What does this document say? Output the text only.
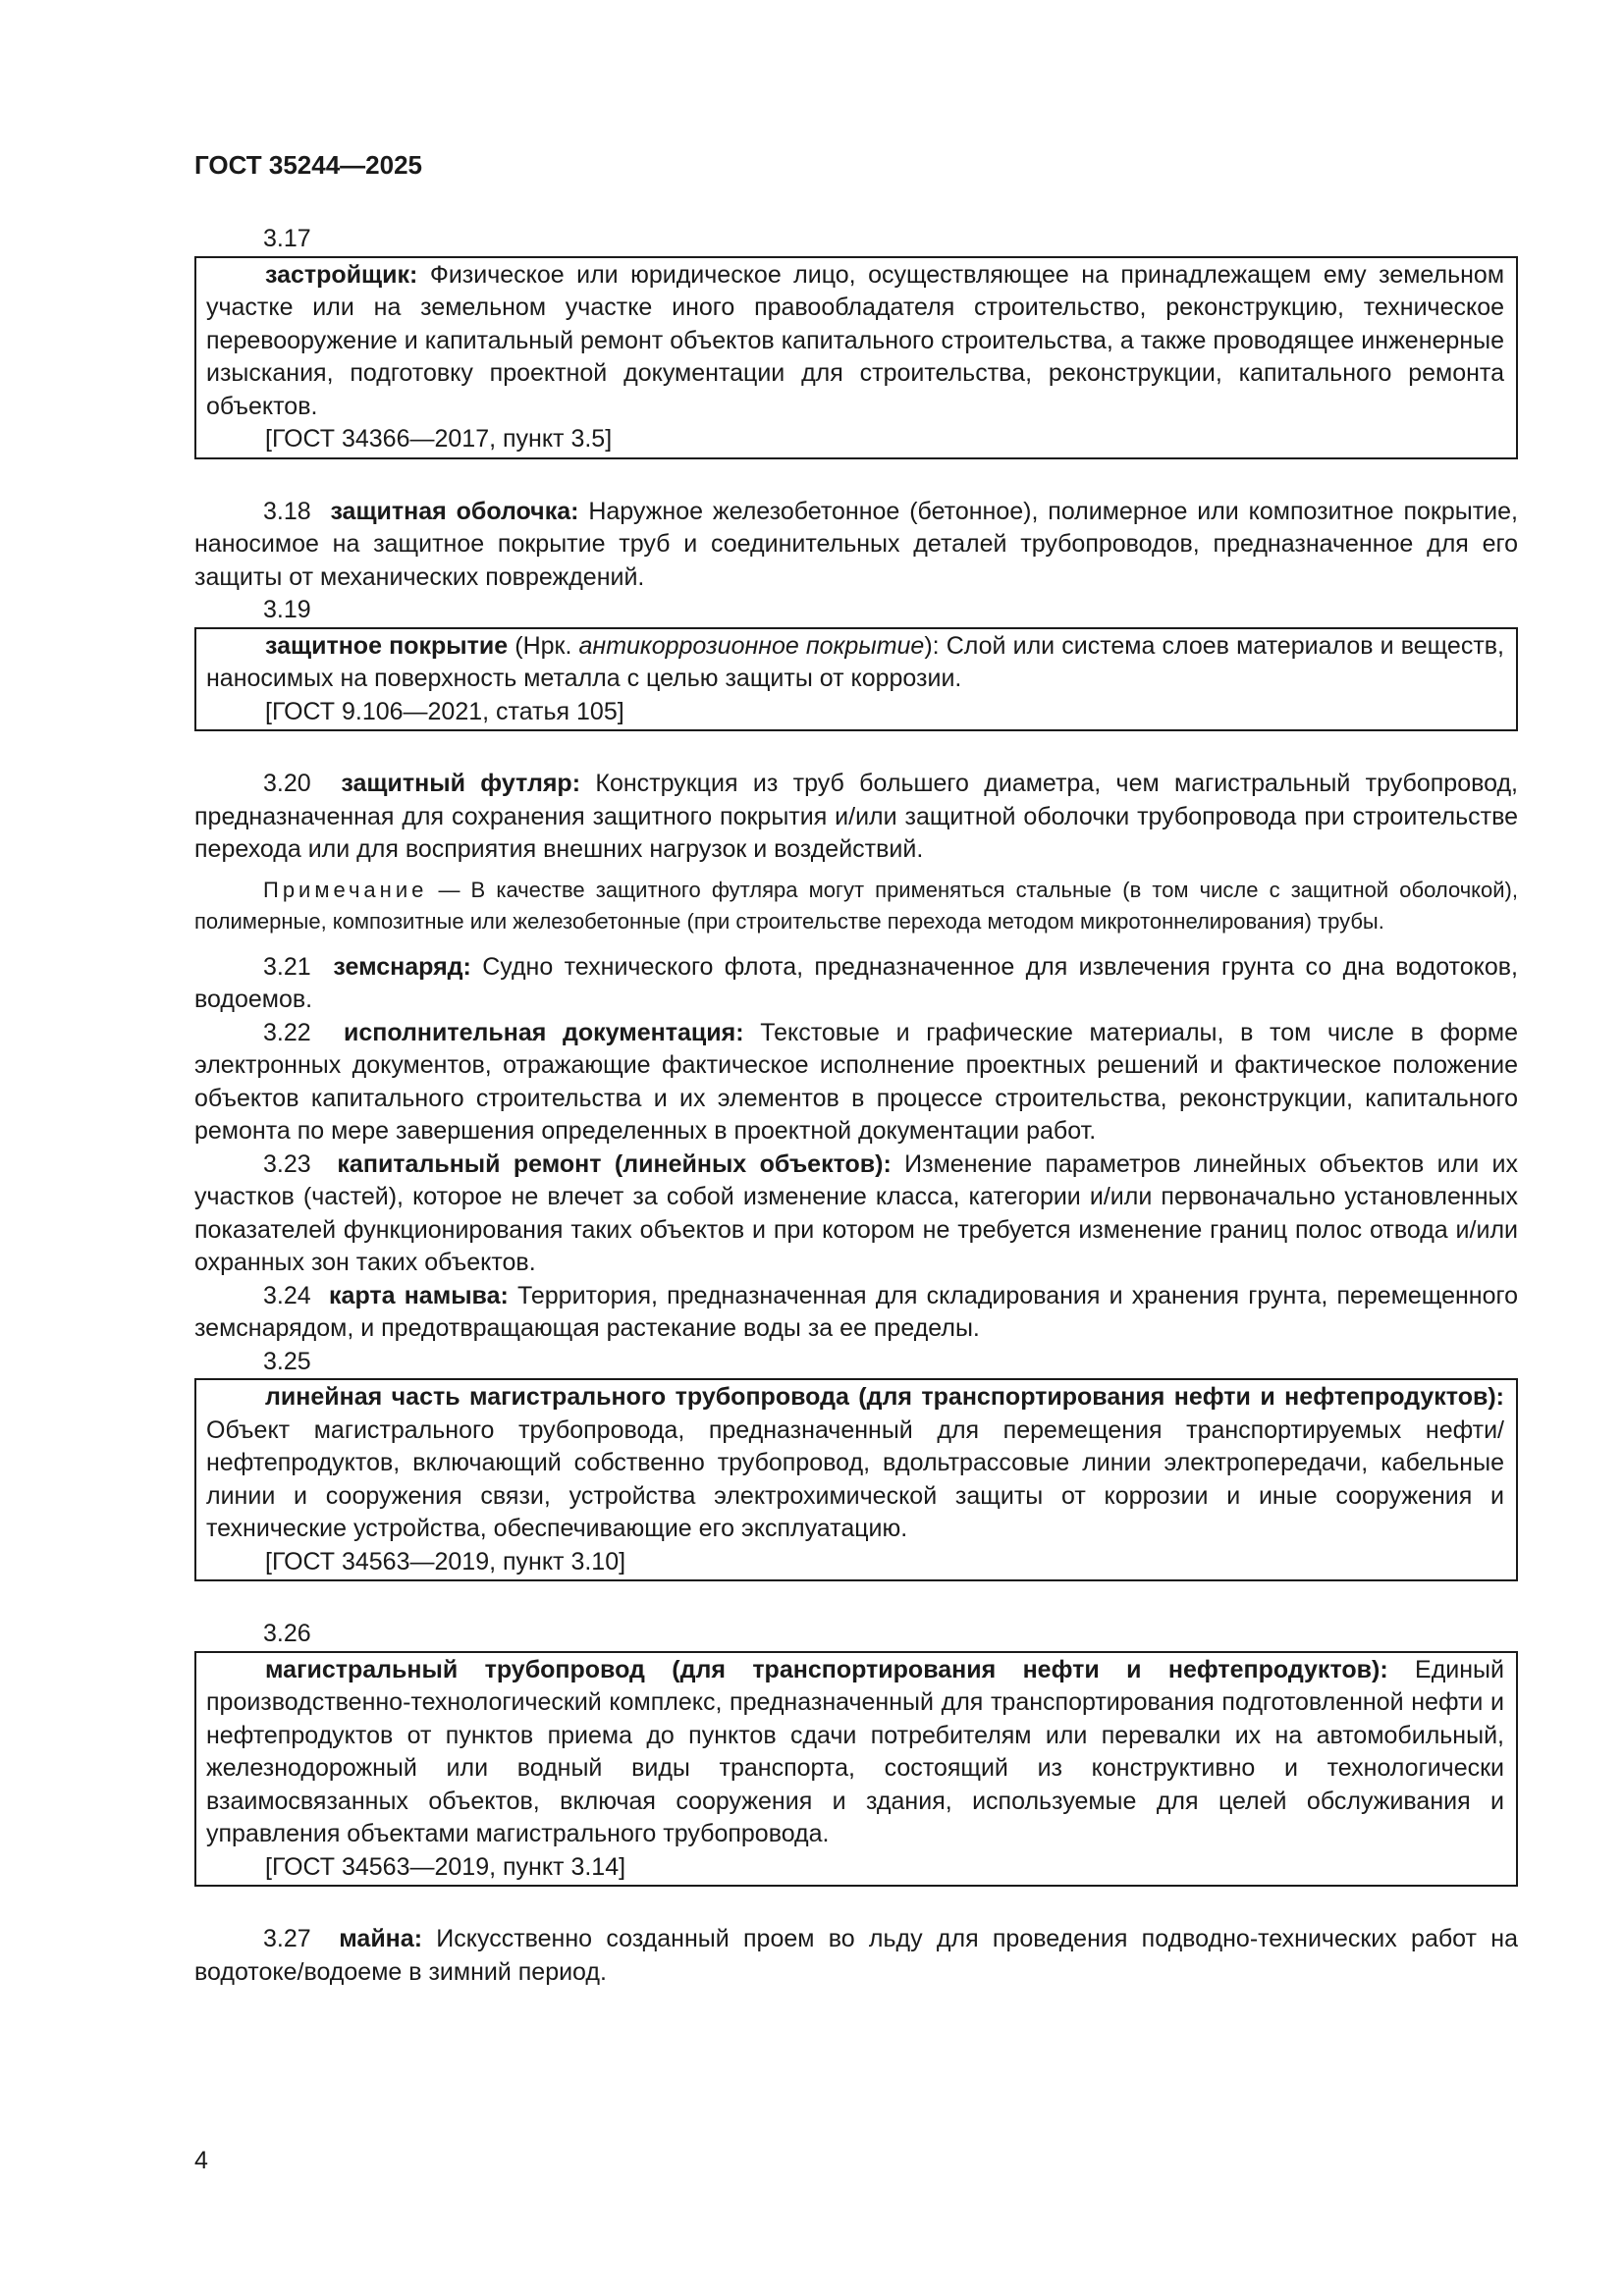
ГОСТ 35244—2025
3.17

застройщик: Физическое или юридическое лицо, осуществляющее на принадлежащем ему земельном участке или на земельном участке иного правообладателя строительство, реконструкцию, техническое перевооружение и капитальный ремонт объектов капитального строительства, а также проводящее инженерные изыскания, подготовку проектной документации для строительства, реконструкции, капитального ремонта объектов.

[ГОСТ 34366—2017, пункт 3.5]

3.18 защитная оболочка: Наружное железобетонное (бетонное), полимерное или композитное покрытие, наносимое на защитное покрытие труб и соединительных деталей трубопроводов, предназначенное для его защиты от механических повреждений.

3.19

защитное покрытие (Нрк. антикоррозионное покрытие): Слой или система слоев материалов и веществ, наносимых на поверхность металла с целью защиты от коррозии.

[ГОСТ 9.106—2021, статья 105]

3.20 защитный футляр: Конструкция из труб большего диаметра, чем магистральный трубопровод, предназначенная для сохранения защитного покрытия и/или защитной оболочки трубопровода при строительстве перехода или для восприятия внешних нагрузок и воздействий.

Примечание — В качестве защитного футляра могут применяться стальные (в том числе с защитной оболочкой), полимерные, композитные или железобетонные (при строительстве перехода методом микротоннелирования) трубы.

3.21 земснаряд: Судно технического флота, предназначенное для извлечения грунта со дна водотоков, водоемов.

3.22 исполнительная документация: Текстовые и графические материалы, в том числе в форме электронных документов, отражающие фактическое исполнение проектных решений и фактическое положение объектов капитального строительства и их элементов в процессе строительства, реконструкции, капитального ремонта по мере завершения определенных в проектной документации работ.

3.23 капитальный ремонт (линейных объектов): Изменение параметров линейных объектов или их участков (частей), которое не влечет за собой изменение класса, категории и/или первоначально установленных показателей функционирования таких объектов и при котором не требуется изменение границ полос отвода и/или охранных зон таких объектов.

3.24 карта намыва: Территория, предназначенная для складирования и хранения грунта, перемещенного земснарядом, и предотвращающая растекание воды за ее пределы.

3.25

линейная часть магистрального трубопровода (для транспортирования нефти и нефтепродуктов): Объект магистрального трубопровода, предназначенный для перемещения транспортируемых нефти/нефтепродуктов, включающий собственно трубопровод, вдольтрассовые линии электропередачи, кабельные линии и сооружения связи, устройства электрохимической защиты от коррозии и иные сооружения и технические устройства, обеспечивающие его эксплуатацию.

[ГОСТ 34563—2019, пункт 3.10]
3.26

магистральный трубопровод (для транспортирования нефти и нефтепродуктов): Единый производственно-технологический комплекс, предназначенный для транспортирования подготовленной нефти и нефтепродуктов от пунктов приема до пунктов сдачи потребителям или перевалки их на автомобильный, железнодорожный или водный виды транспорта, состоящий из конструктивно и технологически взаимосвязанных объектов, включая сооружения и здания, используемые для целей обслуживания и управления объектами магистрального трубопровода.

[ГОСТ 34563—2019, пункт 3.14]

3.27 майна: Искусственно созданный проем во льду для проведения подводно-технических работ на водотоке/водоеме в зимний период.

4
